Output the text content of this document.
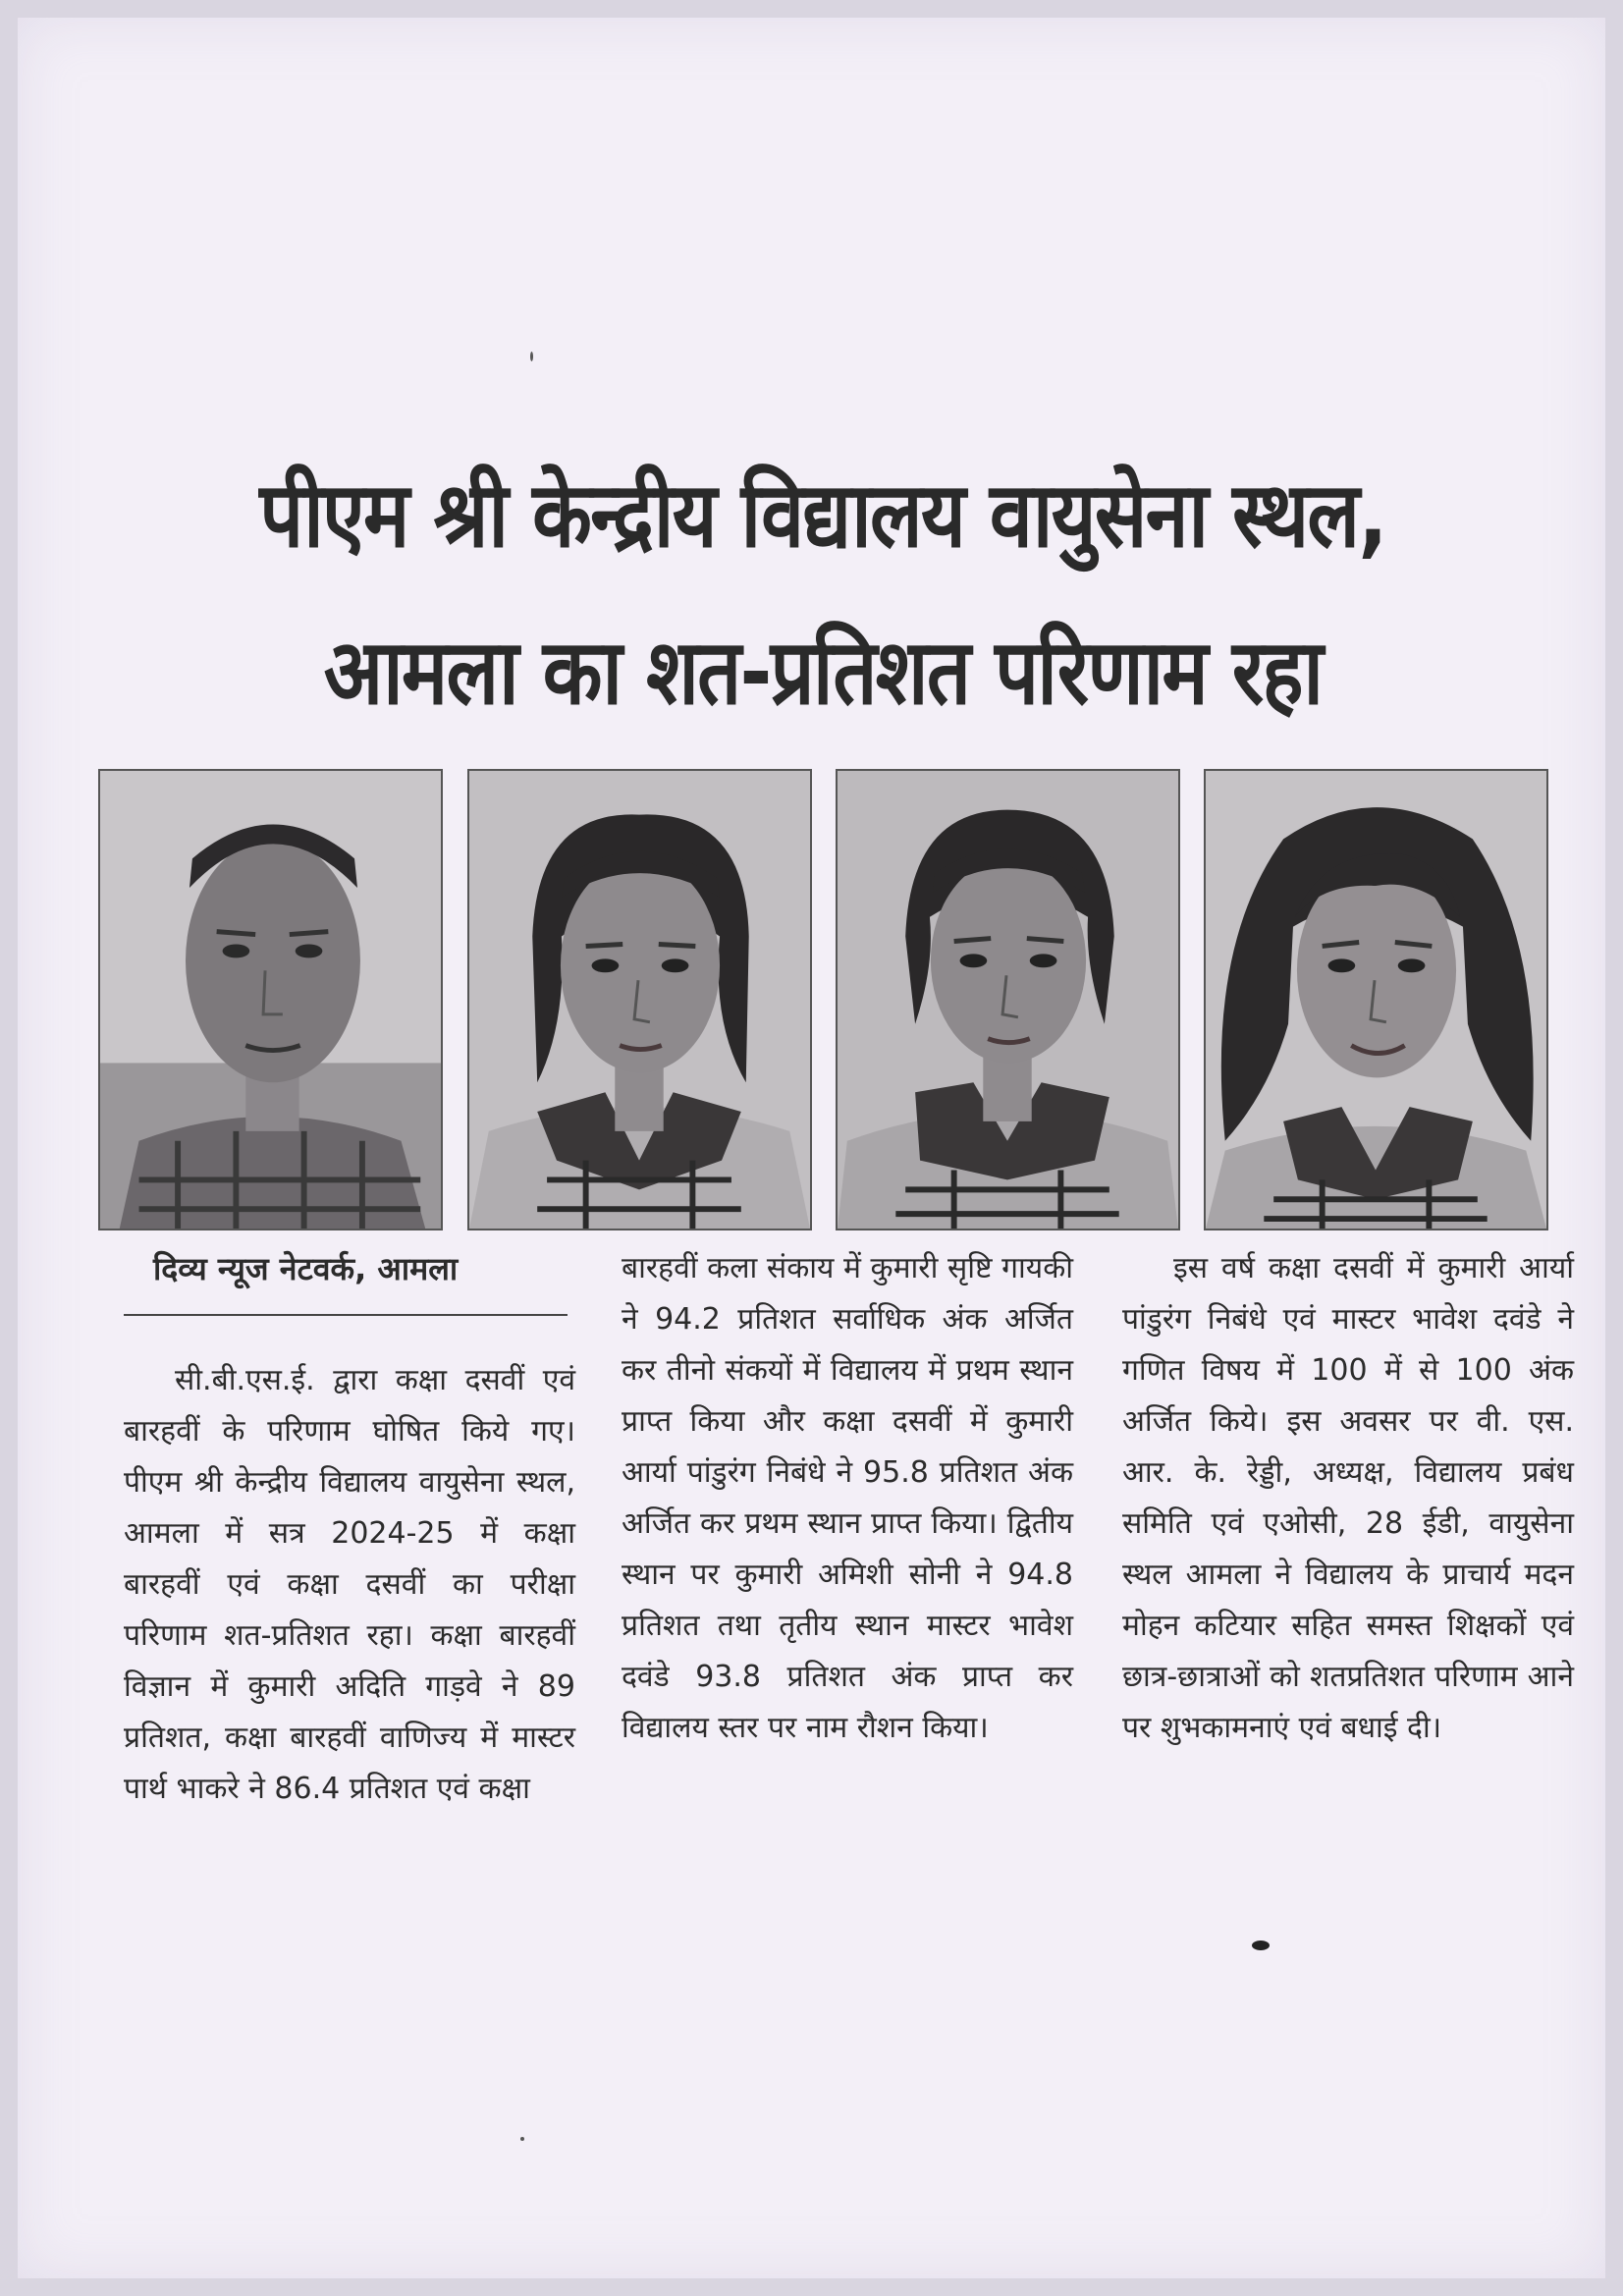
पीएम श्री केन्द्रीय विद्यालय वायुसेना स्थल,
आमला का शत-प्रतिशत परिणाम रहा
दिव्य न्यूज नेटवर्क, आमला
सी.बी.एस.ई. द्वारा कक्षा दसवीं एवं बारहवीं के परिणाम घोषित किये गए। पीएम श्री केन्द्रीय विद्यालय वायुसेना स्थल, आमला में सत्र 2024-25 में कक्षा बारहवीं एवं कक्षा दसवीं का परीक्षा परिणाम शत-प्रतिशत रहा। कक्षा बारहवीं विज्ञान में कुमारी अदिति गाड़वे ने 89 प्रतिशत, कक्षा बारहवीं वाणिज्य में मास्टर पार्थ भाकरे ने 86.4 प्रतिशत एवं कक्षा
बारहवीं कला संकाय में कुमारी सृष्टि गायकी ने 94.2 प्रतिशत सर्वाधिक अंक अर्जित कर तीनो संकयों में विद्यालय में प्रथम स्थान प्राप्त किया और कक्षा दसवीं में कुमारी आर्या पांडुरंग निबंधे ने 95.8 प्रतिशत अंक अर्जित कर प्रथम स्थान प्राप्त किया। द्वितीय स्थान पर कुमारी अमिशी सोनी ने 94.8 प्रतिशत तथा तृतीय स्थान मास्टर भावेश दवंडे 93.8 प्रतिशत अंक प्राप्त कर विद्यालय स्तर पर नाम रौशन किया।
इस वर्ष कक्षा दसवीं में कुमारी आर्या पांडुरंग निबंधे एवं मास्टर भावेश दवंडे ने गणित विषय में 100 में से 100 अंक अर्जित किये। इस अवसर पर वी. एस. आर. के. रेड्डी, अध्यक्ष, विद्यालय प्रबंध समिति एवं एओसी, 28 ईडी, वायुसेना स्थल आमला ने विद्यालय के प्राचार्य मदन मोहन कटियार सहित समस्त शिक्षकों एवं छात्र-छात्राओं को शतप्रतिशत परिणाम आने पर शुभकामनाएं एवं बधाई दी।
